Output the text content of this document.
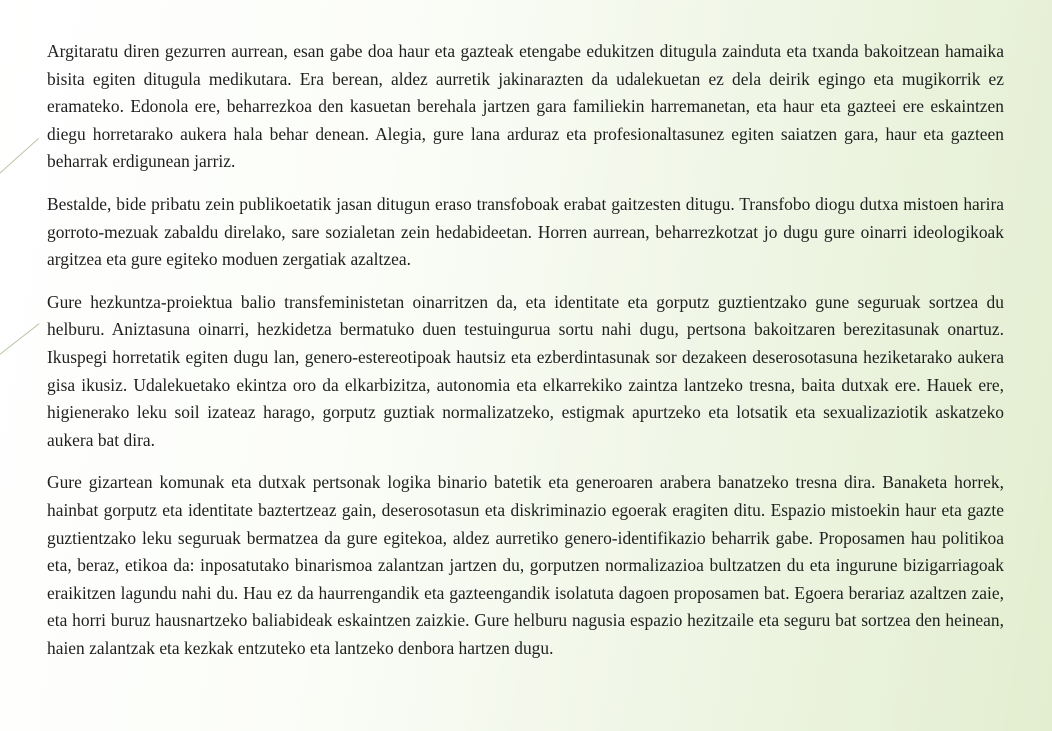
Argitaratu diren gezurren aurrean, esan gabe doa haur eta gazteak etengabe edukitzen ditugula zainduta eta txanda bakoitzean hamaika bisita egiten ditugula medikutara. Era berean, aldez aurretik jakinarazten da udalekuetan ez dela deirik egingo eta mugikorrik ez eramateko. Edonola ere, beharrezkoa den kasuetan berehala jartzen gara familiekin harremanetan, eta haur eta gazteei ere eskaintzen diegu horretarako aukera hala behar denean. Alegia, gure lana arduraz eta profesionaltasunez egiten saiatzen gara, haur eta gazteen beharrak erdigunean jarriz.

Bestalde, bide pribatu zein publikoetatik jasan ditugun eraso transfoboak erabat gaitzesten ditugu. Transfobo diogu dutxa mistoen harira gorroto-mezuak zabaldu direlako, sare sozialetan zein hedabideetan. Horren aurrean, beharrezkotzat jo dugu gure oinarri ideologikoak argitzea eta gure egiteko moduen zergatiak azaltzea.

Gure hezkuntza-proiektua balio transfeministetan oinarritzen da, eta identitate eta gorputz guztientzako gune seguruak sortzea du helburu. Aniztasuna oinarri, hezkidetza bermatuko duen testuingurua sortu nahi dugu, pertsona bakoitzaren berezitasunak onartuz. Ikuspegi horretatik egiten dugu lan, genero-estereotipoak hautsiz eta ezberdintasunak sor dezakeen deserosotasuna heziketarako aukera gisa ikusiz. Udalekuetako ekintza oro da elkarbizitza, autonomia eta elkarrekiko zaintza lantzeko tresna, baita dutxak ere. Hauek ere, higienerako leku soil izateaz harago, gorputz guztiak normalizatzeko, estigmak apurtzeko eta lotsatik eta sexualizaziotik askatzeko aukera bat dira.

Gure gizartean komunak eta dutxak pertsonak logika binario batetik eta generoaren arabera banatzeko tresna dira. Banaketa horrek, hainbat gorputz eta identitate baztertzeaz gain, deserosotasun eta diskriminazio egoerak eragiten ditu. Espazio mistoekin haur eta gazte guztientzako leku seguruak bermatzea da gure egitekoa, aldez aurretiko genero-identifikazio beharrik gabe. Proposamen hau politikoa eta, beraz, etikoa da: inposatutako binarismoa zalantzan jartzen du, gorputzen normalizazioa bultzatzen du eta ingurune bizigarriagoak eraikitzen lagundu nahi du. Hau ez da haurrengandik eta gazteengandik isolatuta dagoen proposamen bat. Egoera berariaz azaltzen zaie, eta horri buruz hausnartzeko baliabideak eskaintzen zaizkie. Gure helburu nagusia espazio hezitzaile eta seguru bat sortzea den heinean, haien zalantzak eta kezkak entzuteko eta lantzeko denbora hartzen dugu.
